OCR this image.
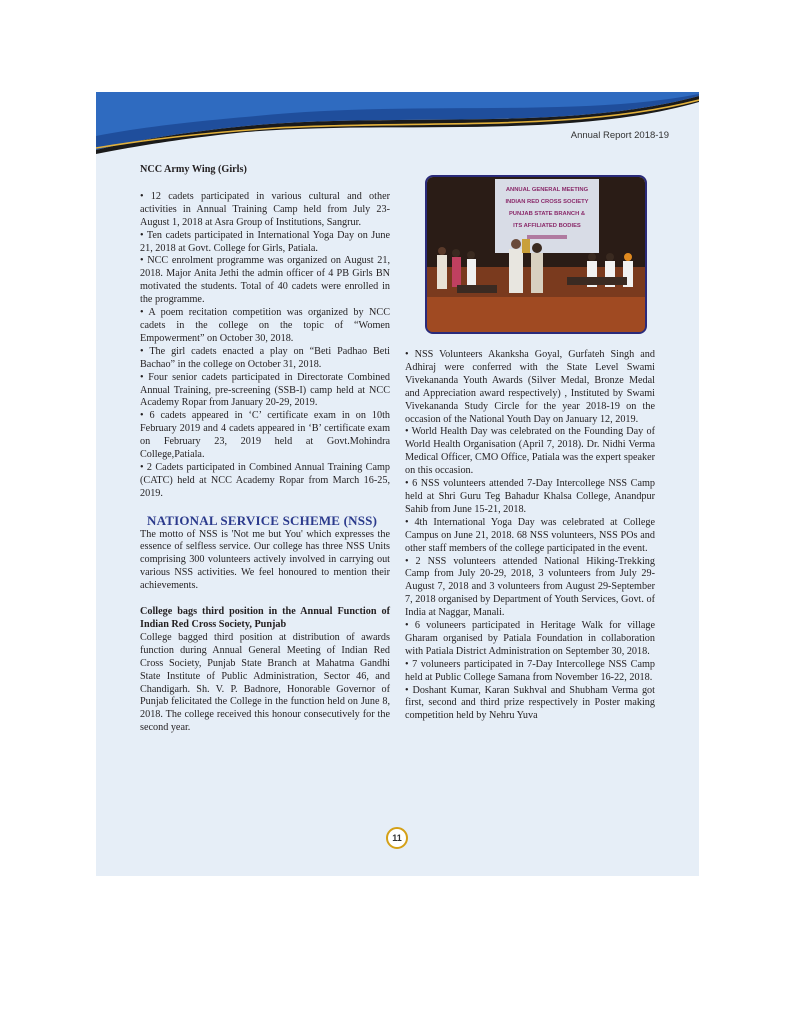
Annual Report 2018-19

NCC Army Wing (Girls)

• 12 cadets participated in various cultural and other activities in Annual Training Camp held from July 23- August 1, 2018 at Asra Group of Institutions, Sangrur.

• Ten cadets participated in International Yoga Day on June 21, 2018 at Govt. College for Girls, Patiala.

• NCC enrolment programme was organized on August 21, 2018. Major Anita Jethi the admin officer of 4 PB Girls BN motivated the students. Total of 40 cadets were enrolled in the programme.

• A poem recitation competition was organized by NCC cadets in the college on the topic of “Women Empowerment” on October 30, 2018.

• The girl cadets enacted a play on “Beti Padhao Beti Bachao” in the college on October 31, 2018.

• Four senior cadets participated in Directorate Combined Annual Training, pre-screening (SSB-I) camp held at NCC Academy Ropar from January 20-29, 2019.

• 6 cadets appeared in ‘C’ certificate exam in on 10th February 2019 and 4 cadets appeared in ‘B’ certificate exam on February 23, 2019 held at Govt.Mohindra College,Patiala.

• 2 Cadets participated in Combined Annual Training Camp (CATC) held at NCC Academy Ropar from March 16-25, 2019.

NATIONAL SERVICE SCHEME (NSS)

The motto of NSS is 'Not me but You' which expresses the essence of selfless service. Our college has three NSS Units comprising 300 volunteers actively involved in carrying out various NSS activities. We feel honoured to mention their achievements.

College bags third position in the Annual Function of Indian Red Cross Society, Punjab

College bagged third position at distribution of awards function during Annual General Meeting of Indian Red Cross Society, Punjab State Branch at Mahatma Gandhi State Institute of Public Administration, Sector 46, and Chandigarh. Sh. V. P. Badnore, Honorable Governor of Punjab felicitated the College in the function held on June 8, 2018. The college received this honour consecutively for the second year.

ANNUAL GENERAL MEETING
INDIAN RED CROSS SOCIETY
PUNJAB STATE BRANCH &
ITS AFFILIATED BODIES

• NSS Volunteers Akanksha Goyal, Gurfateh Singh and Adhiraj were conferred with the State Level Swami Vivekananda Youth Awards (Silver Medal, Bronze Medal and Appreciation award respectively) , Instituted by Swami Vivekananda Study Circle for the year 2018-19 on the occasion of the National Youth Day on January 12, 2019.

• World Health Day was celebrated on the Founding Day of World Health Organisation (April 7, 2018). Dr. Nidhi Verma Medical Officer, CMO Office, Patiala was the expert speaker on this occasion.

• 6 NSS volunteers attended 7-Day Intercollege NSS Camp held at Shri Guru Teg Bahadur Khalsa College, Anandpur Sahib from June 15-21, 2018.

• 4th International Yoga Day was celebrated at College Campus on June 21, 2018. 68 NSS volunteers, NSS POs and other staff members of the college participated in the event.

• 2 NSS volunteers attended National Hiking-Trekking Camp from July 20-29, 2018, 3 volunteers from July 29-August 7, 2018 and 3 volunteers from August 29-September 7, 2018 organised by Department of Youth Services, Govt. of India at Naggar, Manali.

• 6 voluneers participated in Heritage Walk for village Gharam organised by Patiala Foundation in collaboration with Patiala District Administration on September 30, 2018.

• 7 voluneers participated in 7-Day Intercollege NSS Camp held at Public College Samana from November 16-22, 2018.

• Doshant Kumar, Karan Sukhval and Shubham Verma got first, second and third prize respectively in Poster making competition held by Nehru Yuva

11
